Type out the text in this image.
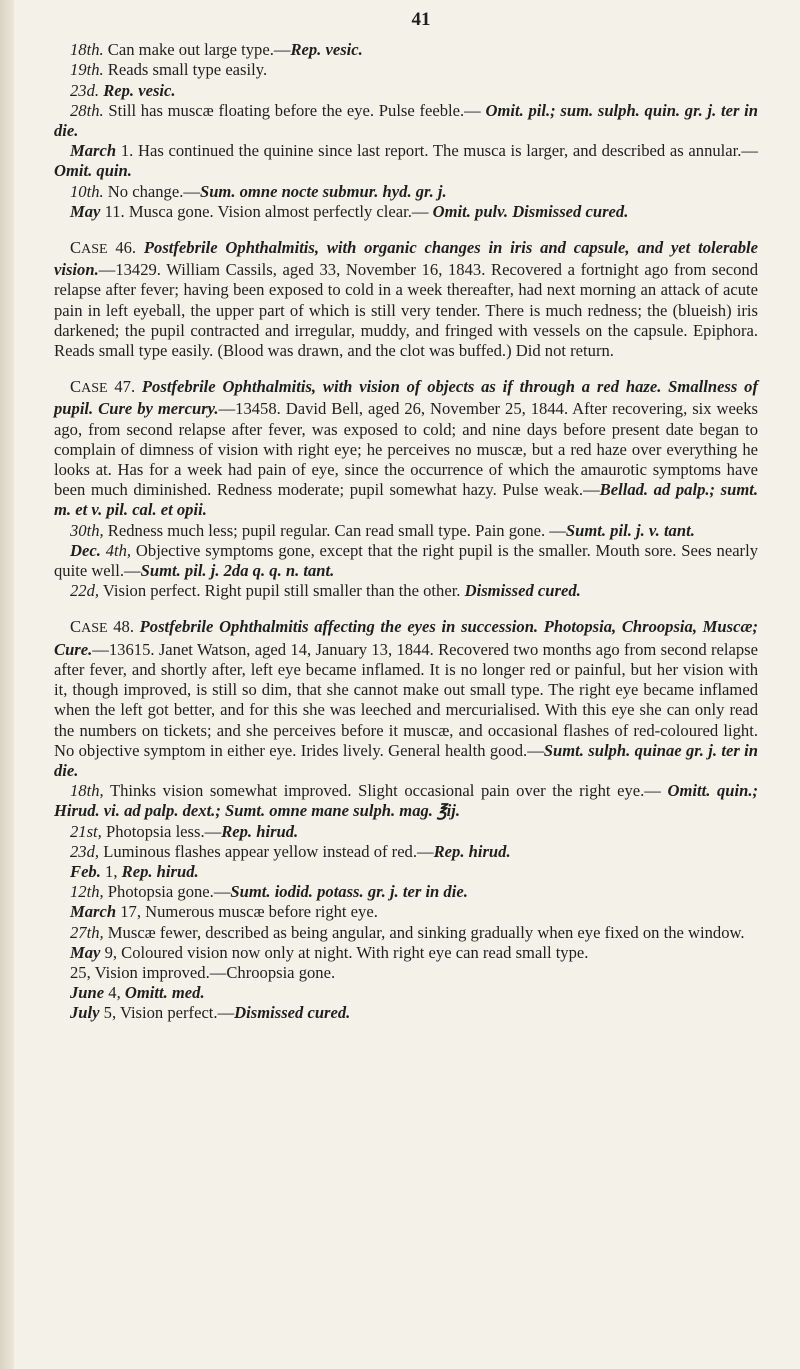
41

18th. Can make out large type.—Rep. vesic.

19th. Reads small type easily.

23d. Rep. vesic.

28th. Still has muscæ floating before the eye. Pulse feeble.— Omit. pil.; sum. sulph. quin. gr. j. ter in die.

March 1. Has continued the quinine since last report. The musca is larger, and described as annular.— Omit. quin.

10th. No change.—Sum. omne nocte submur. hyd. gr. j.

May 11. Musca gone. Vision almost perfectly clear.— Omit. pulv. Dismissed cured.

CASE 46. Postfebrile Ophthalmitis, with organic changes in iris and capsule, and yet tolerable vision.—13429. William Cassils, aged 33, November 16, 1843. Recovered a fortnight ago from second relapse after fever; having been exposed to cold in a week thereafter, had next morning an attack of acute pain in left eyeball, the upper part of which is still very tender. There is much redness; the (blueish) iris darkened; the pupil contracted and irregular, muddy, and fringed with vessels on the capsule. Epiphora. Reads small type easily. (Blood was drawn, and the clot was buffed.) Did not return.

CASE 47. Postfebrile Ophthalmitis, with vision of objects as if through a red haze. Smallness of pupil. Cure by mercury.—13458. David Bell, aged 26, November 25, 1844. After recovering, six weeks ago, from second relapse after fever, was exposed to cold; and nine days before present date began to complain of dimness of vision with right eye; he perceives no muscæ, but a red haze over everything he looks at. Has for a week had pain of eye, since the occurrence of which the amaurotic symptoms have been much diminished. Redness moderate; pupil somewhat hazy. Pulse weak.—Bellad. ad palp.; sumt. m. et v. pil. cal. et opii.

30th, Redness much less; pupil regular. Can read small type. Pain gone. —Sumt. pil. j. v. tant.

Dec. 4th, Objective symptoms gone, except that the right pupil is the smaller. Mouth sore. Sees nearly quite well.—Sumt. pil. j. 2da q. q. n. tant.

22d, Vision perfect. Right pupil still smaller than the other. Dismissed cured.

CASE 48. Postfebrile Ophthalmitis affecting the eyes in succession. Photopsia, Chroopsia, Muscæ; Cure.—13615. Janet Watson, aged 14, January 13, 1844. Recovered two months ago from second relapse after fever, and shortly after, left eye became inflamed. It is no longer red or painful, but her vision with it, though improved, is still so dim, that she cannot make out small type. The right eye became inflamed when the left got better, and for this she was leeched and mercurialised. With this eye she can only read the numbers on tickets; and she perceives before it muscæ, and occasional flashes of red-coloured light. No objective symptom in either eye. Irides lively. General health good.—Sumt. sulph. quinae gr. j. ter in die.

18th, Thinks vision somewhat improved. Slight occasional pain over the right eye.— Omitt. quin.; Hirud. vi. ad palp. dext.; Sumt. omne mane sulph. mag. ℥ij.

21st, Photopsia less.—Rep. hirud.

23d, Luminous flashes appear yellow instead of red.—Rep. hirud.

Feb. 1, Rep. hirud.

12th, Photopsia gone.—Sumt. iodid. potass. gr. j. ter in die.

March 17, Numerous muscæ before right eye.

27th, Muscæ fewer, described as being angular, and sinking gradually when eye fixed on the window.

May 9, Coloured vision now only at night. With right eye can read small type.

25, Vision improved.—Chroopsia gone.

June 4, Omitt. med.

July 5, Vision perfect.—Dismissed cured.
